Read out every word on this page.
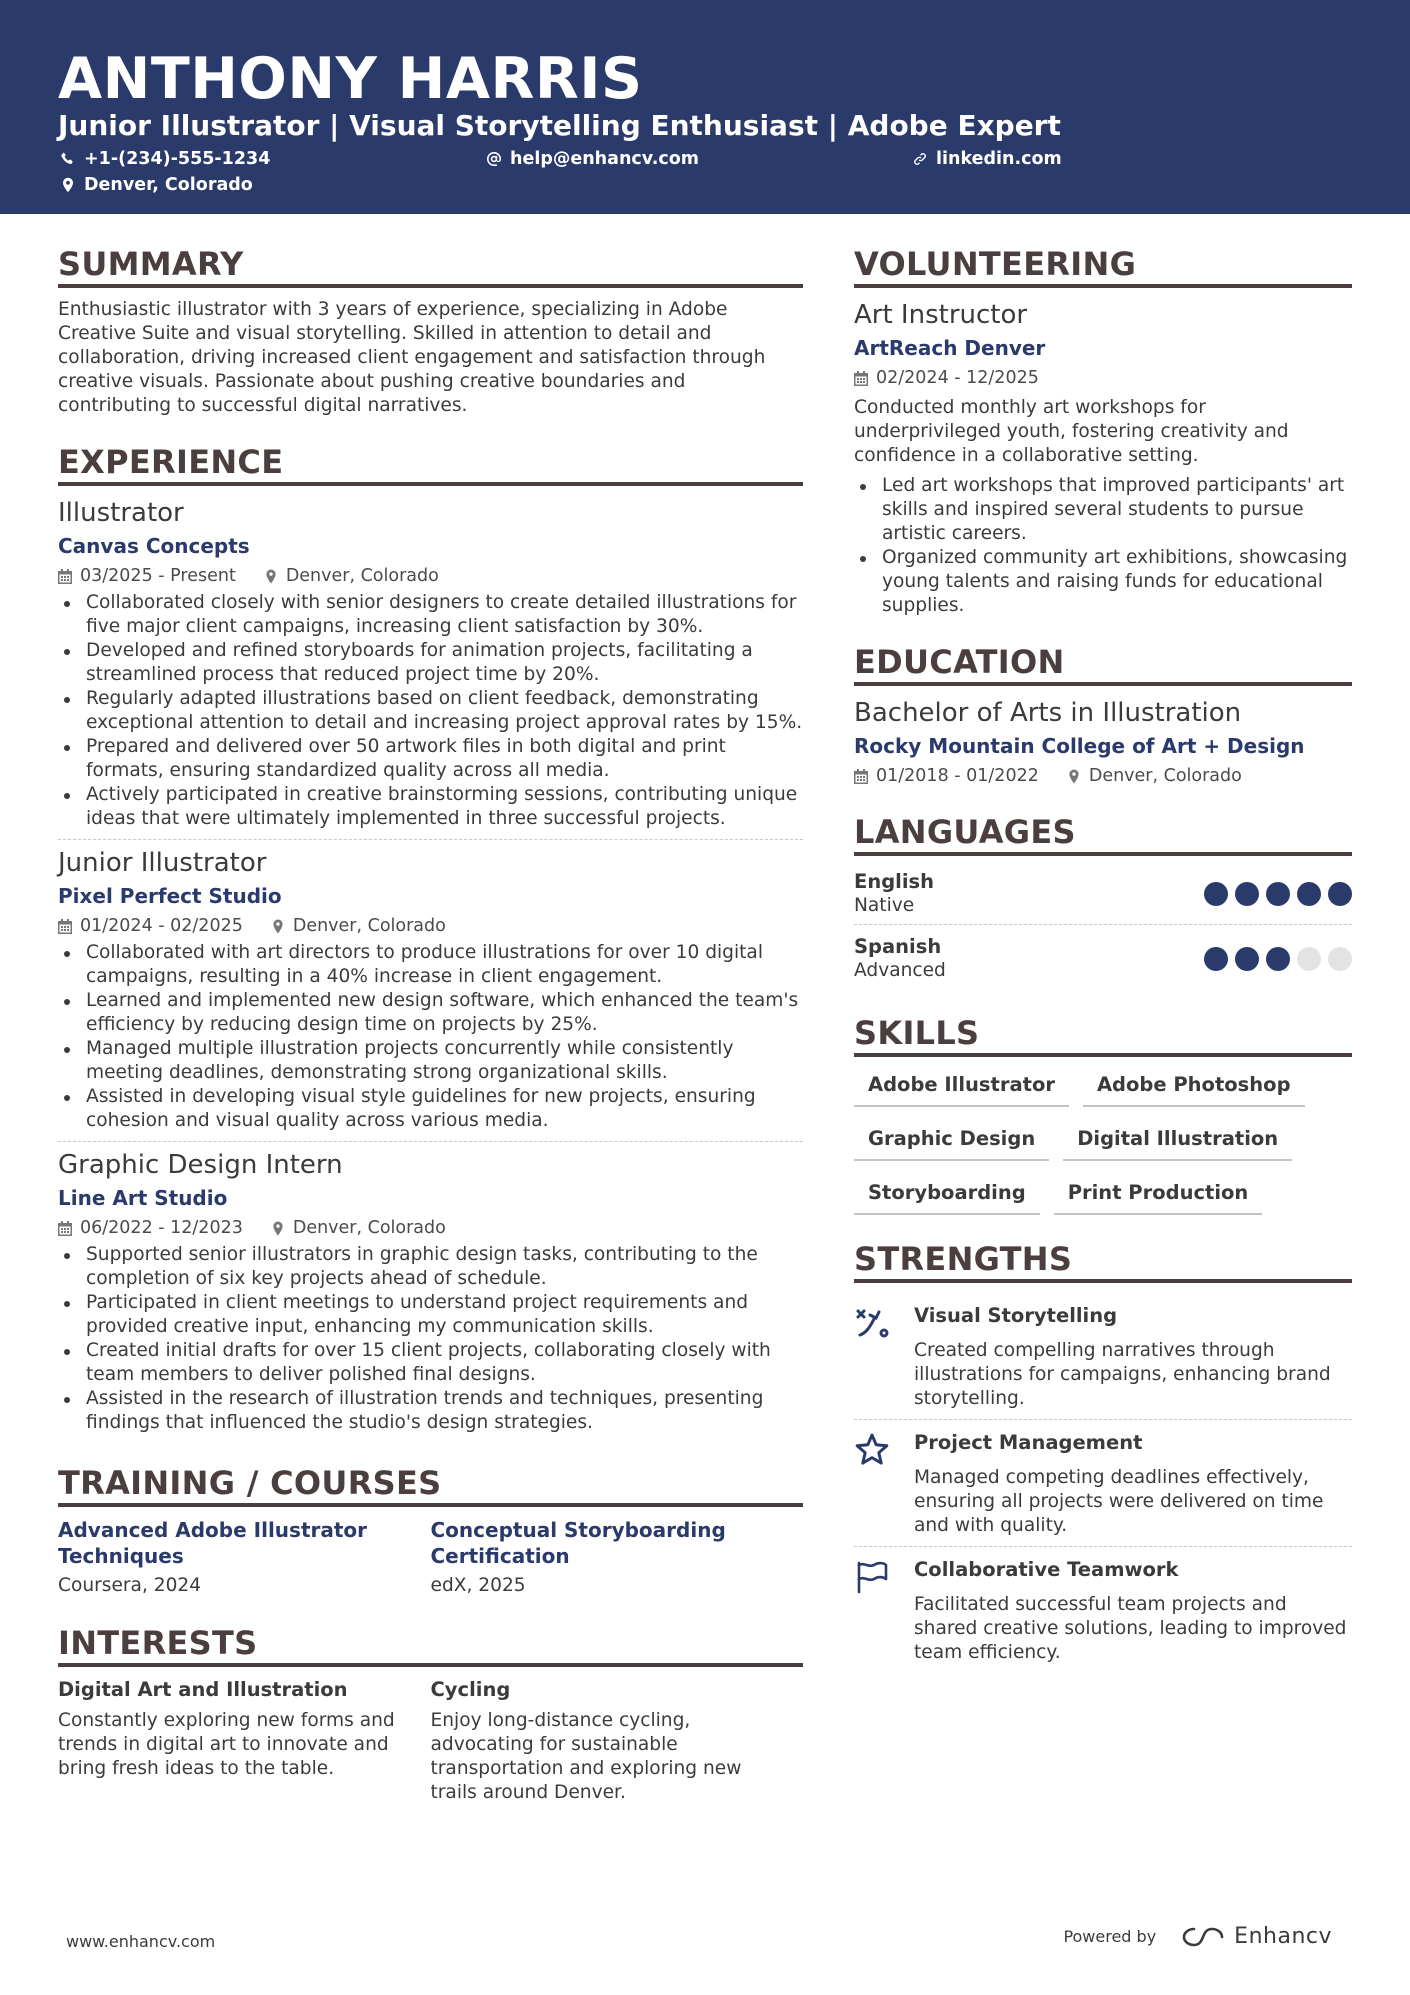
ANTHONY HARRIS
Junior Illustrator | Visual Storytelling Enthusiast | Adobe Expert
+1-(234)-555-1234	help@enhancv.com	linkedin.com
Denver, Colorado
SUMMARY

Enthusiastic illustrator with 3 years of experience, specializing in Adobe Creative Suite and visual storytelling. Skilled in attention to detail and collaboration, driving increased client engagement and satisfaction through creative visuals. Passionate about pushing creative boundaries and contributing to successful digital narratives.

EXPERIENCE
Illustrator
Canvas Concepts
03/2025 - Present	Denver, Colorado
Collaborated closely with senior designers to create detailed illustrations for five major client campaigns, increasing client satisfaction by 30%.
Developed and refined storyboards for animation projects, facilitating a streamlined process that reduced project time by 20%.
Regularly adapted illustrations based on client feedback, demonstrating exceptional attention to detail and increasing project approval rates by 15%.
Prepared and delivered over 50 artwork files in both digital and print formats, ensuring standardized quality across all media.
Actively participated in creative brainstorming sessions, contributing unique ideas that were ultimately implemented in three successful projects.
Junior Illustrator
Pixel Perfect Studio
01/2024 - 02/2025	Denver, Colorado
Collaborated with art directors to produce illustrations for over 10 digital campaigns, resulting in a 40% increase in client engagement.
Learned and implemented new design software, which enhanced the team's efficiency by reducing design time on projects by 25%.
Managed multiple illustration projects concurrently while consistently meeting deadlines, demonstrating strong organizational skills.
Assisted in developing visual style guidelines for new projects, ensuring cohesion and visual quality across various media.
Graphic Design Intern
Line Art Studio
06/2022 - 12/2023	Denver, Colorado
Supported senior illustrators in graphic design tasks, contributing to the completion of six key projects ahead of schedule.
Participated in client meetings to understand project requirements and provided creative input, enhancing my communication skills.
Created initial drafts for over 15 client projects, collaborating closely with team members to deliver polished final designs.
Assisted in the research of illustration trends and techniques, presenting findings that influenced the studio's design strategies.
TRAINING / COURSES
Advanced Adobe Illustrator Techniques
Coursera, 2024
Conceptual Storyboarding Certification
edX, 2025
INTERESTS
Digital Art and Illustration
Constantly exploring new forms and trends in digital art to innovate and bring fresh ideas to the table.
Cycling
Enjoy long-distance cycling, advocating for sustainable transportation and exploring new trails around Denver.
VOLUNTEERING
Art Instructor
ArtReach Denver
02/2024 - 12/2025

Conducted monthly art workshops for underprivileged youth, fostering creativity and confidence in a collaborative setting.

Led art workshops that improved participants' art skills and inspired several students to pursue artistic careers.
Organized community art exhibitions, showcasing young talents and raising funds for educational supplies.
EDUCATION
Bachelor of Arts in Illustration
Rocky Mountain College of Art + Design
01/2018 - 01/2022	Denver, Colorado
LANGUAGES
English
Native
Spanish
Advanced
SKILLS
Adobe Illustrator	Adobe Photoshop
Graphic Design	Digital Illustration
Storyboarding	Print Production
STRENGTHS
Visual Storytelling
Created compelling narratives through illustrations for campaigns, enhancing brand storytelling.
Project Management
Managed competing deadlines effectively, ensuring all projects were delivered on time and with quality.
Collaborative Teamwork
Facilitated successful team projects and shared creative solutions, leading to improved team efficiency.
www.enhancv.com	Powered by	Enhancv
